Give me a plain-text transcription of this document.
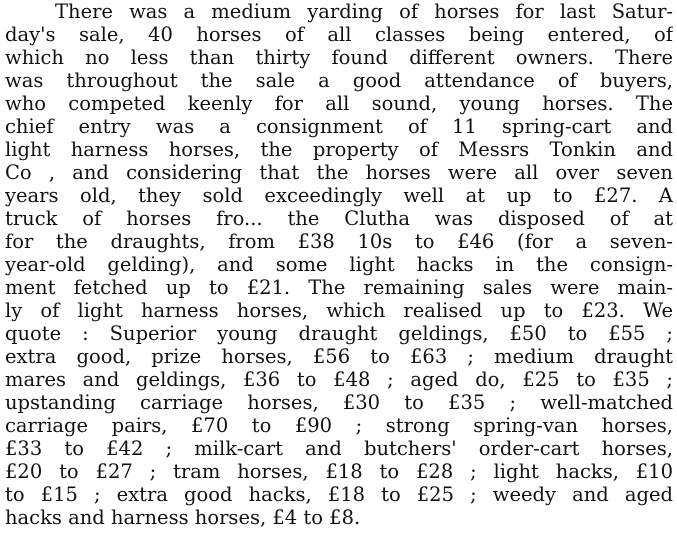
There was a medium yarding of horses for last Satur-
day's sale, 40 horses of all classes being entered, of
which no less than thirty found different owners. There
was throughout the sale a good attendance of buyers,
who competed keenly for all sound, young horses. The
chief entry was a consignment of 11 spring-cart and
light harness horses, the property of Messrs Tonkin and
Co , and considering that the horses were all over seven
years old, they sold exceedingly well at up to £27. A
truck of horses fro... the Clutha was disposed of at
for the draughts, from £38 10s to £46 (for a seven-
year-old gelding), and some light hacks in the consign-
ment fetched up to £21. The remaining sales were main-
ly of light harness horses, which realised up to £23. We
quote : Superior young draught geldings, £50 to £55 ;
extra good, prize horses, £56 to £63 ; medium draught
mares and geldings, £36 to £48 ; aged do, £25 to £35 ;
upstanding carriage horses, £30 to £35 ; well-matched
carriage pairs, £70 to £90 ; strong spring-van horses,
£33 to £42 ; milk-cart and butchers' order-cart horses,
£20 to £27 ; tram horses, £18 to £28 ; light hacks, £10
to £15 ; extra good hacks, £18 to £25 ; weedy and aged
hacks and harness horses, £4 to £8.
